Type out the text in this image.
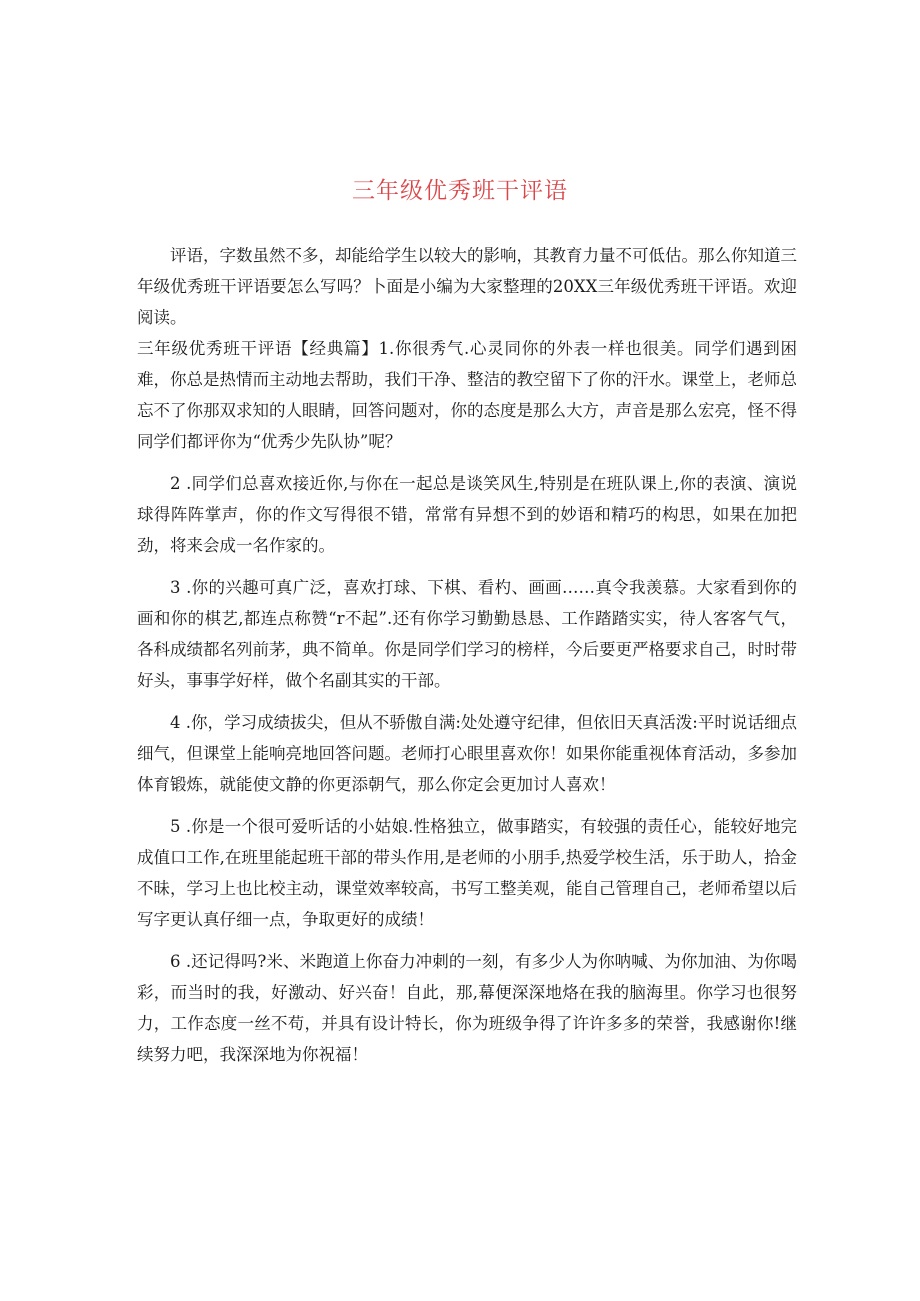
三年级优秀班干评语

评语，字数虽然不多，却能给学生以较大的影响，其教育力量不可低估。那么你知道三年级优秀班干评语要怎么写吗？卜面是小编为大家整理的20XX三年级优秀班干评语。欢迎阅读。

三年级优秀班干评语【经典篇】1.你很秀气.心灵同你的外表一样也很美。同学们遇到困难，你总是热情而主动地去帮助，我们干净、整洁的教空留下了你的汗水。课堂上，老师总忘不了你那双求知的人眼睛，回答问题对，你的态度是那么大方，声音是那么宏亮，怪不得同学们都评你为“优秀少先队协”呢？

2 .同学们总喜欢接近你,与你在一起总是谈笑风生,特别是在班队课上,你的表演、演说球得阵阵掌声，你的作文写得很不错，常常有异想不到的妙语和精巧的构思，如果在加把劲，将来会成一名作家的。

3 .你的兴趣可真广泛，喜欢打球、下棋、看杓、画画……真令我羡慕。大家看到你的画和你的棋艺,都连点称赞“r不起”.还有你学习勤勤恳恳、工作踏踏实实，待人客客气气，各科成绩都名列前茅，典不简单。你是同学们学习的榜样，今后要更严格要求自己，时时带好头，事事学好样，做个名副其实的干部。

4 .你，学习成绩拔尖，但从不骄傲自满:处处遵守纪律，但依旧天真活泼:平时说话细点细气，但课堂上能响亮地回答问题。老师打心眼里喜欢你！如果你能重视体育活动，多参加体育锻炼，就能使文静的你更添朝气，那么你定会更加讨人喜欢！

5 .你是一个很可爱听话的小姑娘.性格独立，做事踏实，有较强的责任心，能较好地完成值口工作,在班里能起班干部的带头作用,是老师的小朋手,热爱学校生活，乐于助人，拾金不昧，学习上也比校主动，课堂效率较高，书写工整美观，能自己管理自己，老师希望以后写字更认真仔细一点，争取更好的成绩！

6 .还记得吗?米、米跑道上你奋力冲刺的一刻，有多少人为你呐喊、为你加油、为你喝彩，而当时的我，好激动、好兴奋！自此，那,幕便深深地烙在我的脑海里。你学习也很努力，工作态度一丝不苟，并具有设计特长，你为班级争得了许许多多的荣誉，我感谢你!继续努力吧，我深深地为你祝福！
